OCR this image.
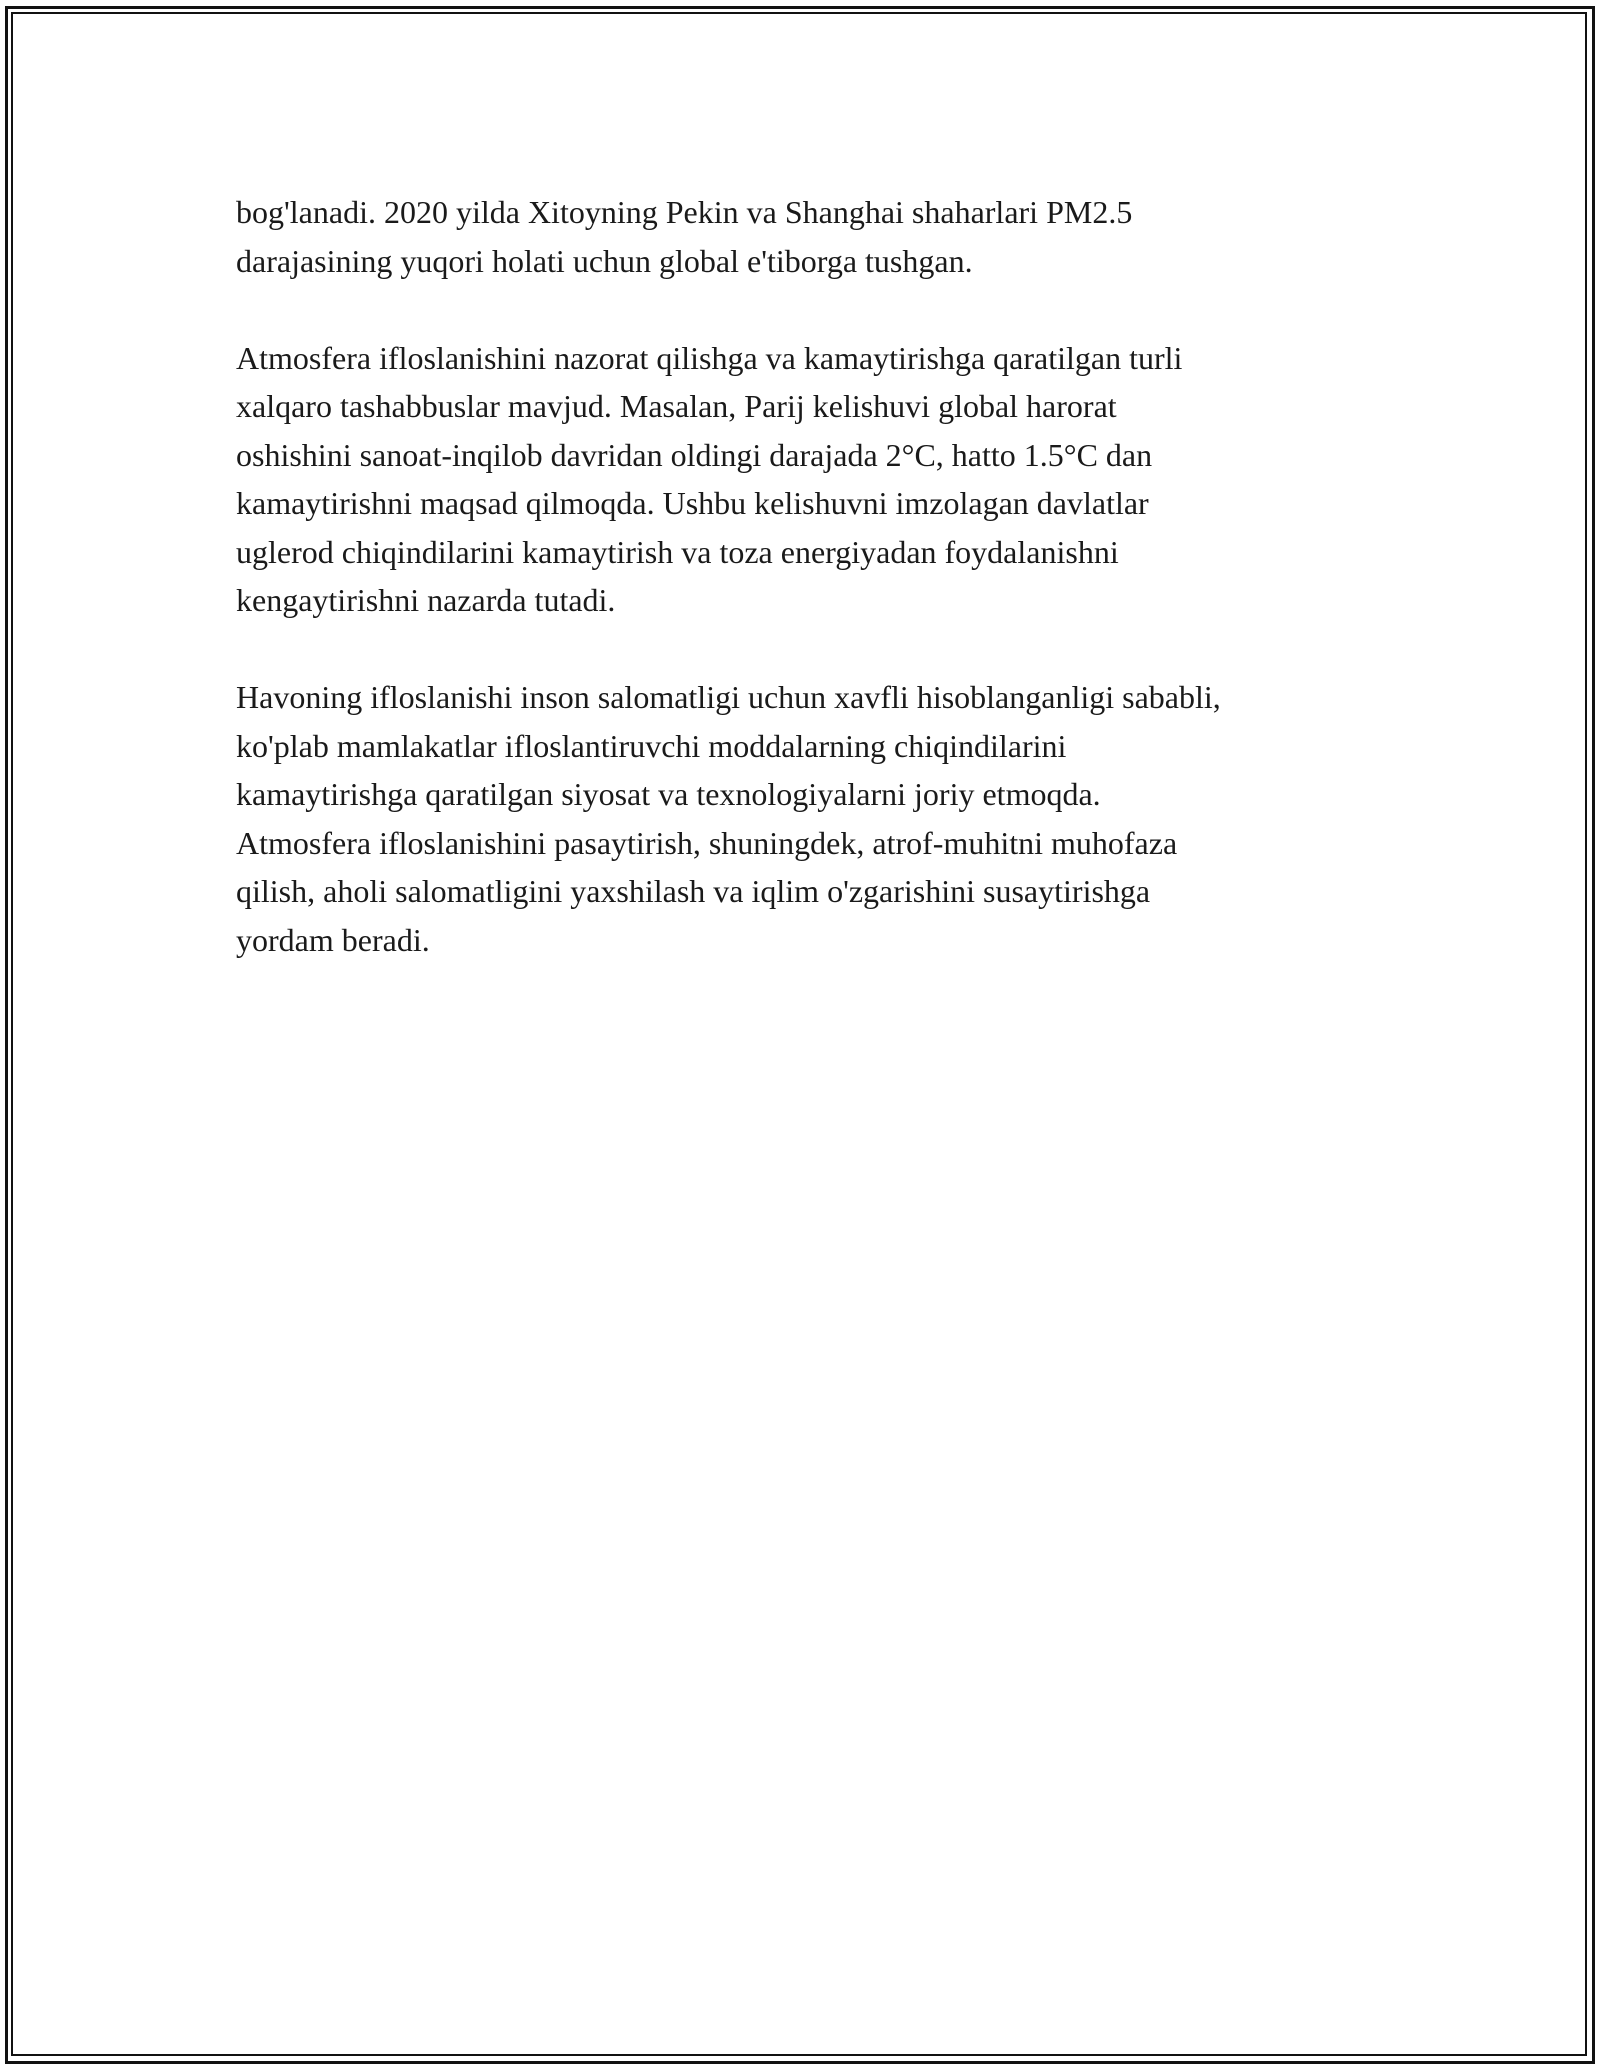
bog'lanadi. 2020 yilda Xitoyning Pekin va Shanghai shaharlari PM2.5
darajasining yuqori holati uchun global e'tiborga tushgan.

Atmosfera ifloslanishini nazorat qilishga va kamaytirishga qaratilgan turli
xalqaro tashabbuslar mavjud. Masalan, Parij kelishuvi global harorat
oshishini sanoat-inqilob davridan oldingi darajada 2°C, hatto 1.5°C dan
kamaytirishni maqsad qilmoqda. Ushbu kelishuvni imzolagan davlatlar
uglerod chiqindilarini kamaytirish va toza energiyadan foydalanishni
kengaytirishni nazarda tutadi.

Havoning ifloslanishi inson salomatligi uchun xavfli hisoblanganligi sababli,
ko'plab mamlakatlar ifloslantiruvchi moddalarning chiqindilarini
kamaytirishga qaratilgan siyosat va texnologiyalarni joriy etmoqda.
Atmosfera ifloslanishini pasaytirish, shuningdek, atrof-muhitni muhofaza
qilish, aholi salomatligini yaxshilash va iqlim o'zgarishini susaytirishga
yordam beradi.
